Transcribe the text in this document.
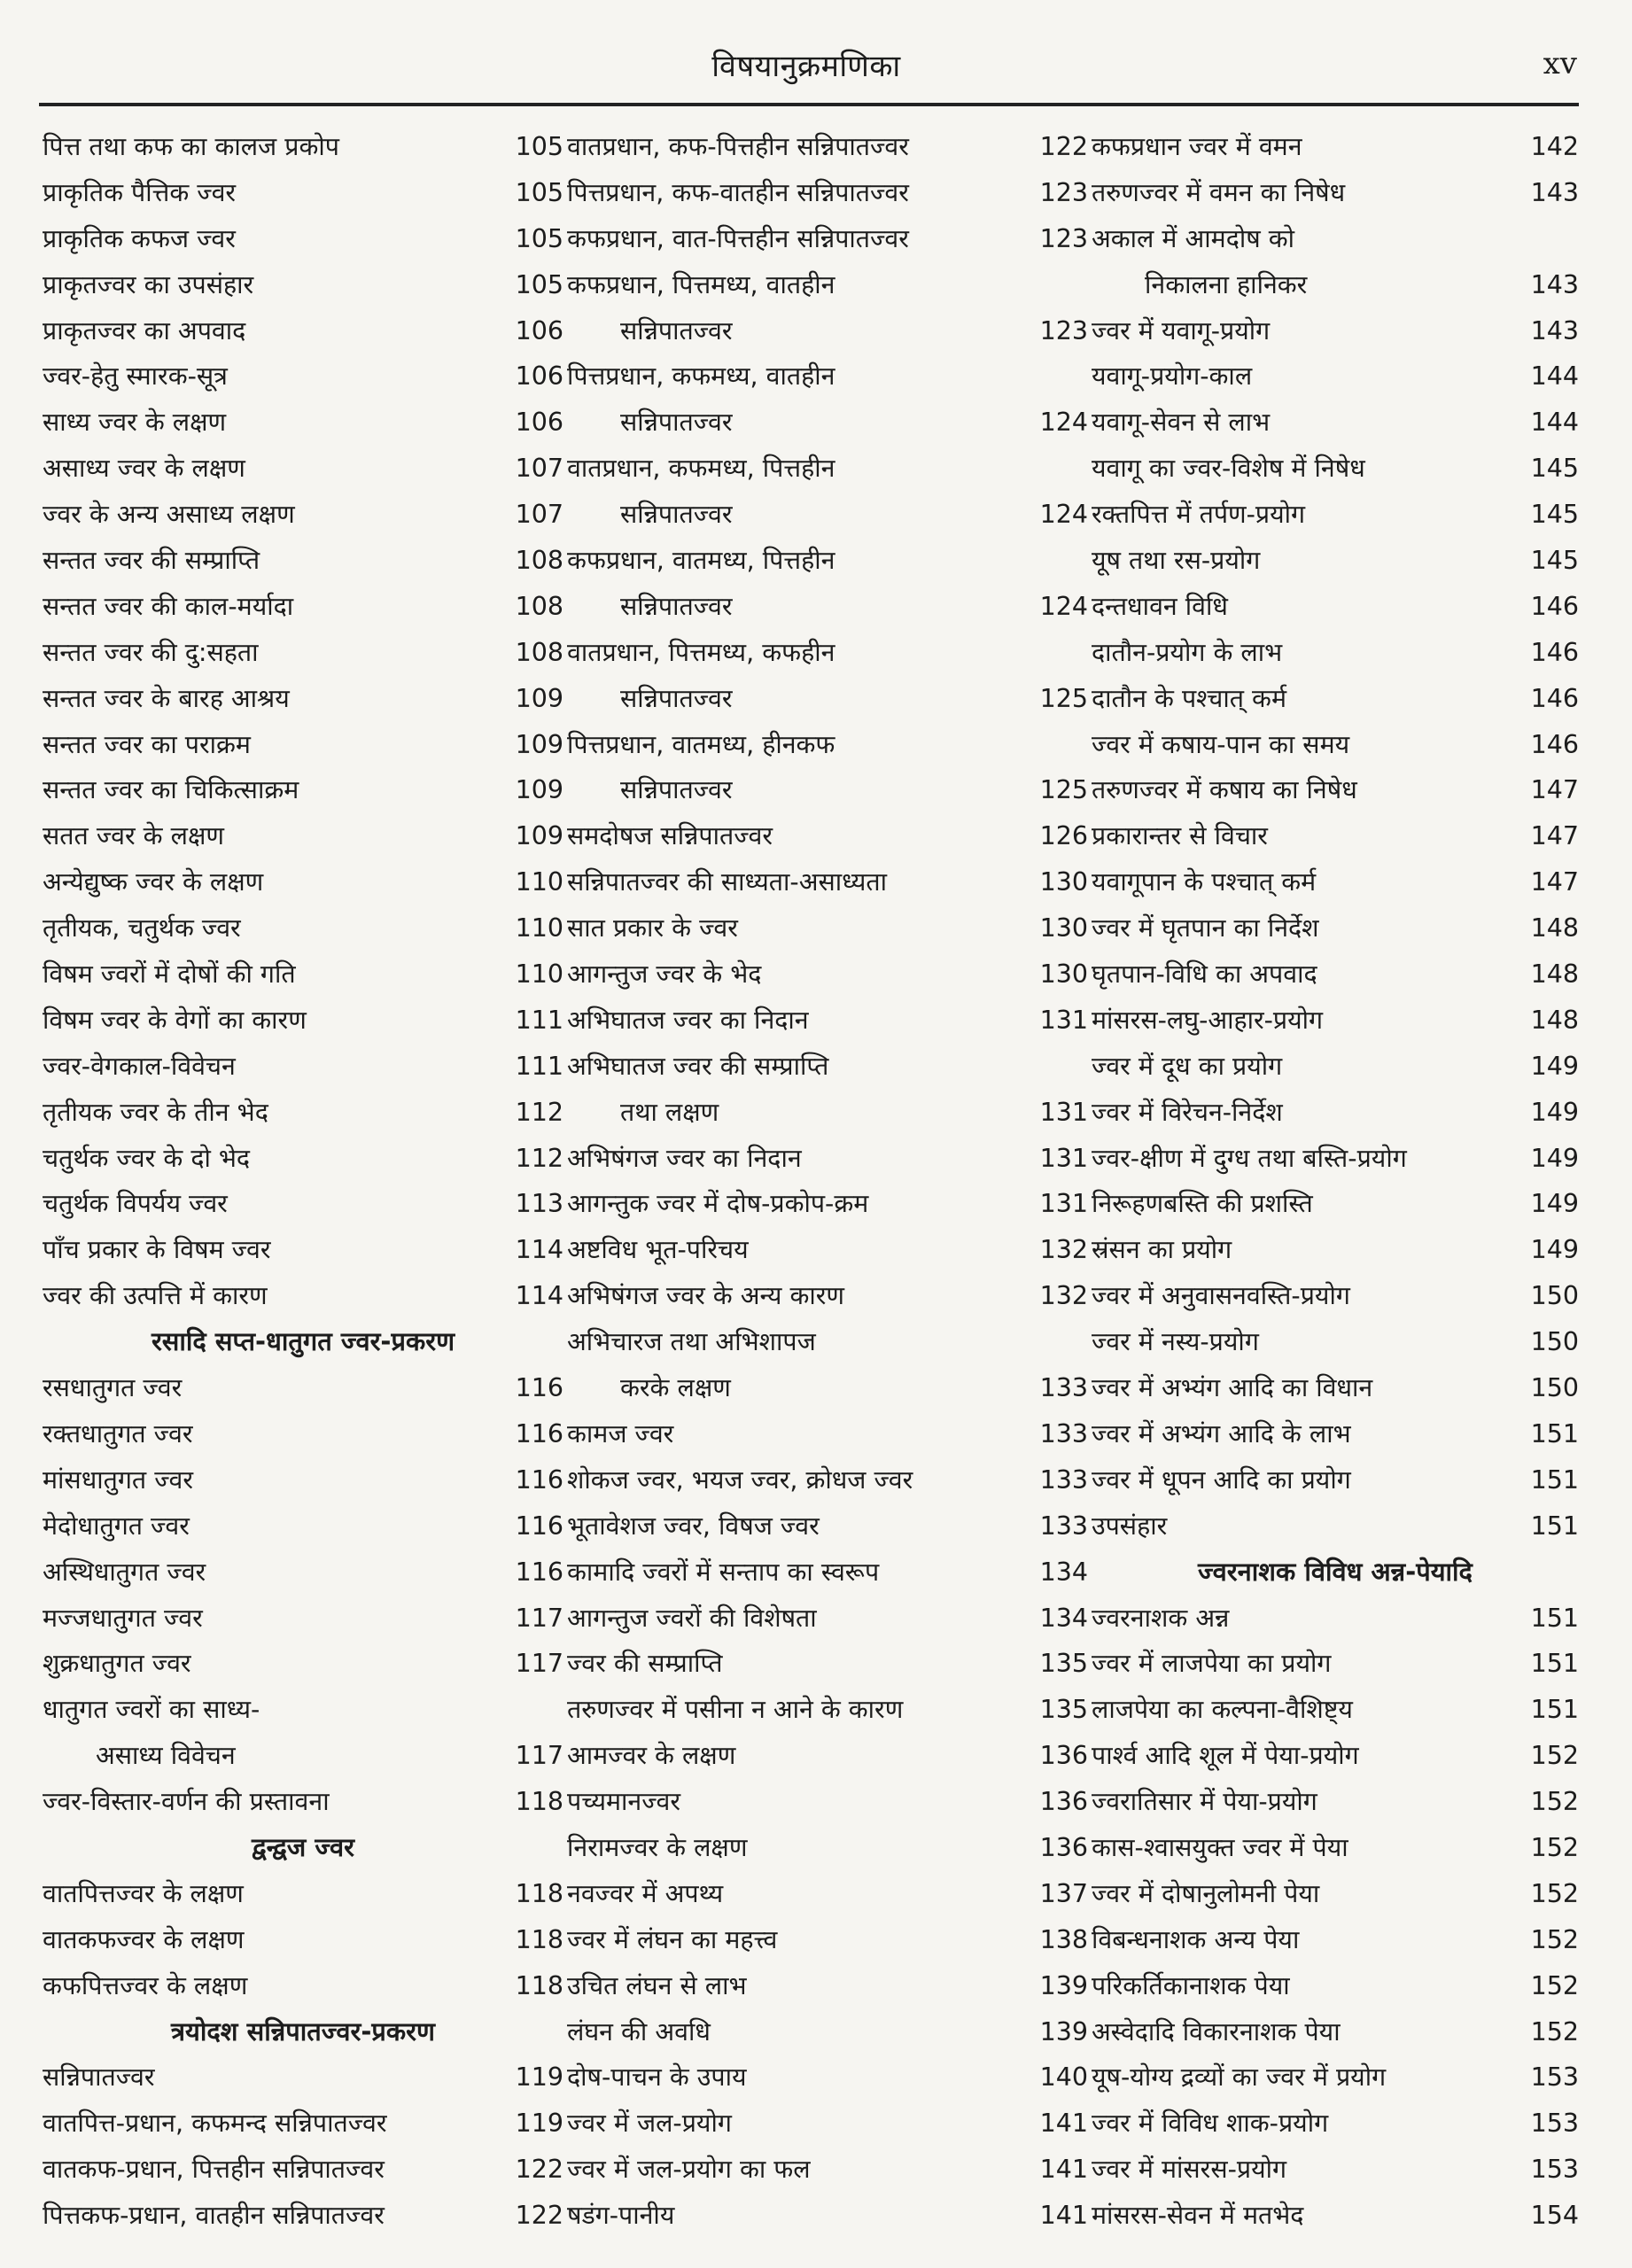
विषयानुक्रमणिका	xv
पित्त तथा कफ का कालज प्रकोप	105
प्राकृतिक पैत्तिक ज्वर	105
प्राकृतिक कफज ज्वर	105
प्राकृतज्वर का उपसंहार	105
प्राकृतज्वर का अपवाद	106
ज्वर-हेतु स्मारक-सूत्र	106
साध्य ज्वर के लक्षण	106
असाध्य ज्वर के लक्षण	107
ज्वर के अन्य असाध्य लक्षण	107
सन्तत ज्वर की सम्प्राप्ति	108
सन्तत ज्वर की काल-मर्यादा	108
सन्तत ज्वर की दु:सहता	108
सन्तत ज्वर के बारह आश्रय	109
सन्तत ज्वर का पराक्रम	109
सन्तत ज्वर का चिकित्साक्रम	109
सतत ज्वर के लक्षण	109
अन्येद्युष्क ज्वर के लक्षण	110
तृतीयक, चतुर्थक ज्वर	110
विषम ज्वरों में दोषों की गति	110
विषम ज्वर के वेगों का कारण	111
ज्वर-वेगकाल-विवेचन	111
तृतीयक ज्वर के तीन भेद	112
चतुर्थक ज्वर के दो भेद	112
चतुर्थक विपर्यय ज्वर	113
पाँच प्रकार के विषम ज्वर	114
ज्वर की उत्पत्ति में कारण	114
रसादि सप्त-धातुगत ज्वर-प्रकरण
रसधातुगत ज्वर	116
रक्तधातुगत ज्वर	116
मांसधातुगत ज्वर	116
मेदोधातुगत ज्वर	116
अस्थिधातुगत ज्वर	116
मज्जधातुगत ज्वर	117
शुक्रधातुगत ज्वर	117
धातुगत ज्वरों का साध्य-
असाध्य विवेचन	117
ज्वर-विस्तार-वर्णन की प्रस्तावना	118
द्वन्द्वज ज्वर
वातपित्तज्वर के लक्षण	118
वातकफज्वर के लक्षण	118
कफपित्तज्वर के लक्षण	118
त्रयोदश सन्निपातज्वर-प्रकरण
सन्निपातज्वर	119
वातपित्त-प्रधान, कफमन्द सन्निपातज्वर	119
वातकफ-प्रधान, पित्तहीन सन्निपातज्वर	122
पित्तकफ-प्रधान, वातहीन सन्निपातज्वर	122
वातप्रधान, कफ-पित्तहीन सन्निपातज्वर	122
पित्तप्रधान, कफ-वातहीन सन्निपातज्वर	123
कफप्रधान, वात-पित्तहीन सन्निपातज्वर	123
कफप्रधान, पित्तमध्य, वातहीन
सन्निपातज्वर	123
पित्तप्रधान, कफमध्य, वातहीन
सन्निपातज्वर	124
वातप्रधान, कफमध्य, पित्तहीन
सन्निपातज्वर	124
कफप्रधान, वातमध्य, पित्तहीन
सन्निपातज्वर	124
वातप्रधान, पित्तमध्य, कफहीन
सन्निपातज्वर	125
पित्तप्रधान, वातमध्य, हीनकफ
सन्निपातज्वर	125
समदोषज सन्निपातज्वर	126
सन्निपातज्वर की साध्यता-असाध्यता	130
सात प्रकार के ज्वर	130
आगन्तुज ज्वर के भेद	130
अभिघातज ज्वर का निदान	131
अभिघातज ज्वर की सम्प्राप्ति
तथा लक्षण	131
अभिषंगज ज्वर का निदान	131
आगन्तुक ज्वर में दोष-प्रकोप-क्रम	131
अष्टविध भूत-परिचय	132
अभिषंगज ज्वर के अन्य कारण	132
अभिचारज तथा अभिशापज
करके लक्षण	133
कामज ज्वर	133
शोकज ज्वर, भयज ज्वर, क्रोधज ज्वर	133
भूतावेशज ज्वर, विषज ज्वर	133
कामादि ज्वरों में सन्ताप का स्वरूप	134
आगन्तुज ज्वरों की विशेषता	134
ज्वर की सम्प्राप्ति	135
तरुणज्वर में पसीना न आने के कारण	135
आमज्वर के लक्षण	136
पच्यमानज्वर	136
निरामज्वर के लक्षण	136
नवज्वर में अपथ्य	137
ज्वर में लंघन का महत्त्व	138
उचित लंघन से लाभ	139
लंघन की अवधि	139
दोष-पाचन के उपाय	140
ज्वर में जल-प्रयोग	141
ज्वर में जल-प्रयोग का फल	141
षडंग-पानीय	141
कफप्रधान ज्वर में वमन	142
तरुणज्वर में वमन का निषेध	143
अकाल में आमदोष को
निकालना हानिकर	143
ज्वर में यवागू-प्रयोग	143
यवागू-प्रयोग-काल	144
यवागू-सेवन से लाभ	144
यवागू का ज्वर-विशेष में निषेध	145
रक्तपित्त में तर्पण-प्रयोग	145
यूष तथा रस-प्रयोग	145
दन्तधावन विधि	146
दातौन-प्रयोग के लाभ	146
दातौन के पश्चात् कर्म	146
ज्वर में कषाय-पान का समय	146
तरुणज्वर में कषाय का निषेध	147
प्रकारान्तर से विचार	147
यवागूपान के पश्चात् कर्म	147
ज्वर में घृतपान का निर्देश	148
घृतपान-विधि का अपवाद	148
मांसरस-लघु-आहार-प्रयोग	148
ज्वर में दूध का प्रयोग	149
ज्वर में विरेचन-निर्देश	149
ज्वर-क्षीण में दुग्ध तथा बस्ति-प्रयोग	149
निरूहणबस्ति की प्रशस्ति	149
स्रंसन का प्रयोग	149
ज्वर में अनुवासनवस्ति-प्रयोग	150
ज्वर में नस्य-प्रयोग	150
ज्वर में अभ्यंग आदि का विधान	150
ज्वर में अभ्यंग आदि के लाभ	151
ज्वर में धूपन आदि का प्रयोग	151
उपसंहार	151
ज्वरनाशक विविध अन्न-पेयादि
ज्वरनाशक अन्न	151
ज्वर में लाजपेया का प्रयोग	151
लाजपेया का कल्पना-वैशिष्ट्य	151
पार्श्व आदि शूल में पेया-प्रयोग	152
ज्वरातिसार में पेया-प्रयोग	152
कास-श्वासयुक्त ज्वर में पेया	152
ज्वर में दोषानुलोमनी पेया	152
विबन्धनाशक अन्य पेया	152
परिकर्तिकानाशक पेया	152
अस्वेदादि विकारनाशक पेया	152
यूष-योग्य द्रव्यों का ज्वर में प्रयोग	153
ज्वर में विविध शाक-प्रयोग	153
ज्वर में मांसरस-प्रयोग	153
मांसरस-सेवन में मतभेद	154
